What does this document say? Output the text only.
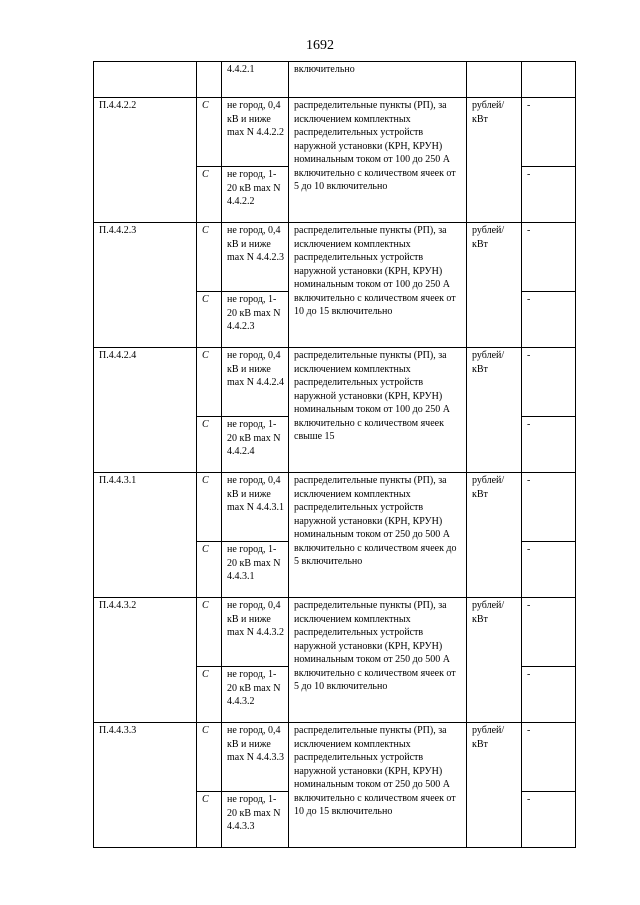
1692
		4.4.2.1	включительно		
П.4.4.2.2	С	не город, 0,4 кВ и ниже max N 4.4.2.2	распределительные пункты (РП), за исключением комплектных распределительных устройств наружной установки (КРН, КРУН) номинальным током от 100 до 250 А включительно с количеством ячеек от 5 до 10 включительно	рублей/ кВт	-
	С	не город, 1-20 кВ max N 4.4.2.2			-
П.4.4.2.3	С	не город, 0,4 кВ и ниже max N 4.4.2.3	распределительные пункты (РП), за исключением комплектных распределительных устройств наружной установки (КРН, КРУН) номинальным током от 100 до 250 А включительно с количеством ячеек от 10 до 15 включительно	рублей/ кВт	-
	С	не город, 1-20 кВ max N 4.4.2.3			-
П.4.4.2.4	С	не город, 0,4 кВ и ниже max N 4.4.2.4	распределительные пункты (РП), за исключением комплектных распределительных устройств наружной установки (КРН, КРУН) номинальным током от 100 до 250 А включительно с количеством ячеек свыше 15	рублей/ кВт	-
	С	не город, 1-20 кВ max N 4.4.2.4			-
П.4.4.3.1	С	не город, 0,4 кВ и ниже max N 4.4.3.1	распределительные пункты (РП), за исключением комплектных распределительных устройств наружной установки (КРН, КРУН) номинальным током от 250 до 500 А включительно с количеством ячеек до 5 включительно	рублей/ кВт	-
	С	не город, 1-20 кВ max N 4.4.3.1			-
П.4.4.3.2	С	не город, 0,4 кВ и ниже max N 4.4.3.2	распределительные пункты (РП), за исключением комплектных распределительных устройств наружной установки (КРН, КРУН) номинальным током от 250 до 500 А включительно с количеством ячеек от 5 до 10 включительно	рублей/ кВт	-
	С	не город, 1-20 кВ max N 4.4.3.2			-
П.4.4.3.3	С	не город, 0,4 кВ и ниже max N 4.4.3.3	распределительные пункты (РП), за исключением комплектных распределительных устройств наружной установки (КРН, КРУН) номинальным током от 250 до 500 А включительно с количеством ячеек от 10 до 15 включительно	рублей/ кВт	-
	С	не город, 1-20 кВ max N 4.4.3.3			-
